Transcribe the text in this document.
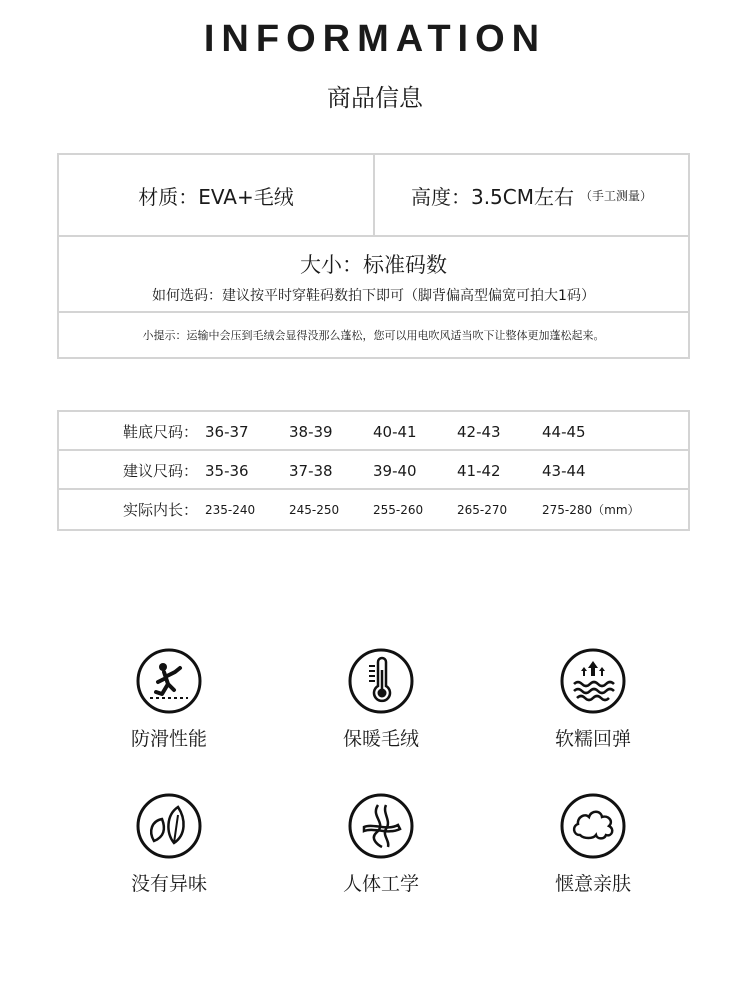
INFORMATION
商品信息
材质：EVA+毛绒	高度：3.5CM左右 （手工测量）
大小：标准码数
如何选码：建议按平时穿鞋码数拍下即可（脚背偏高型偏宽可拍大1码）
小提示：运输中会压到毛绒会显得没那么蓬松，您可以用电吹风适当吹下让整体更加蓬松起来。
鞋底尺码： 36-37	38-39	40-41	42-43	44-45
建议尺码： 35-36	37-38	39-40	41-42	43-44
实际内长： 235-240	245-250	255-260	265-270	275-280（mm）
防滑性能	保暖毛绒	软糯回弹
没有异味	人体工学	惬意亲肤
